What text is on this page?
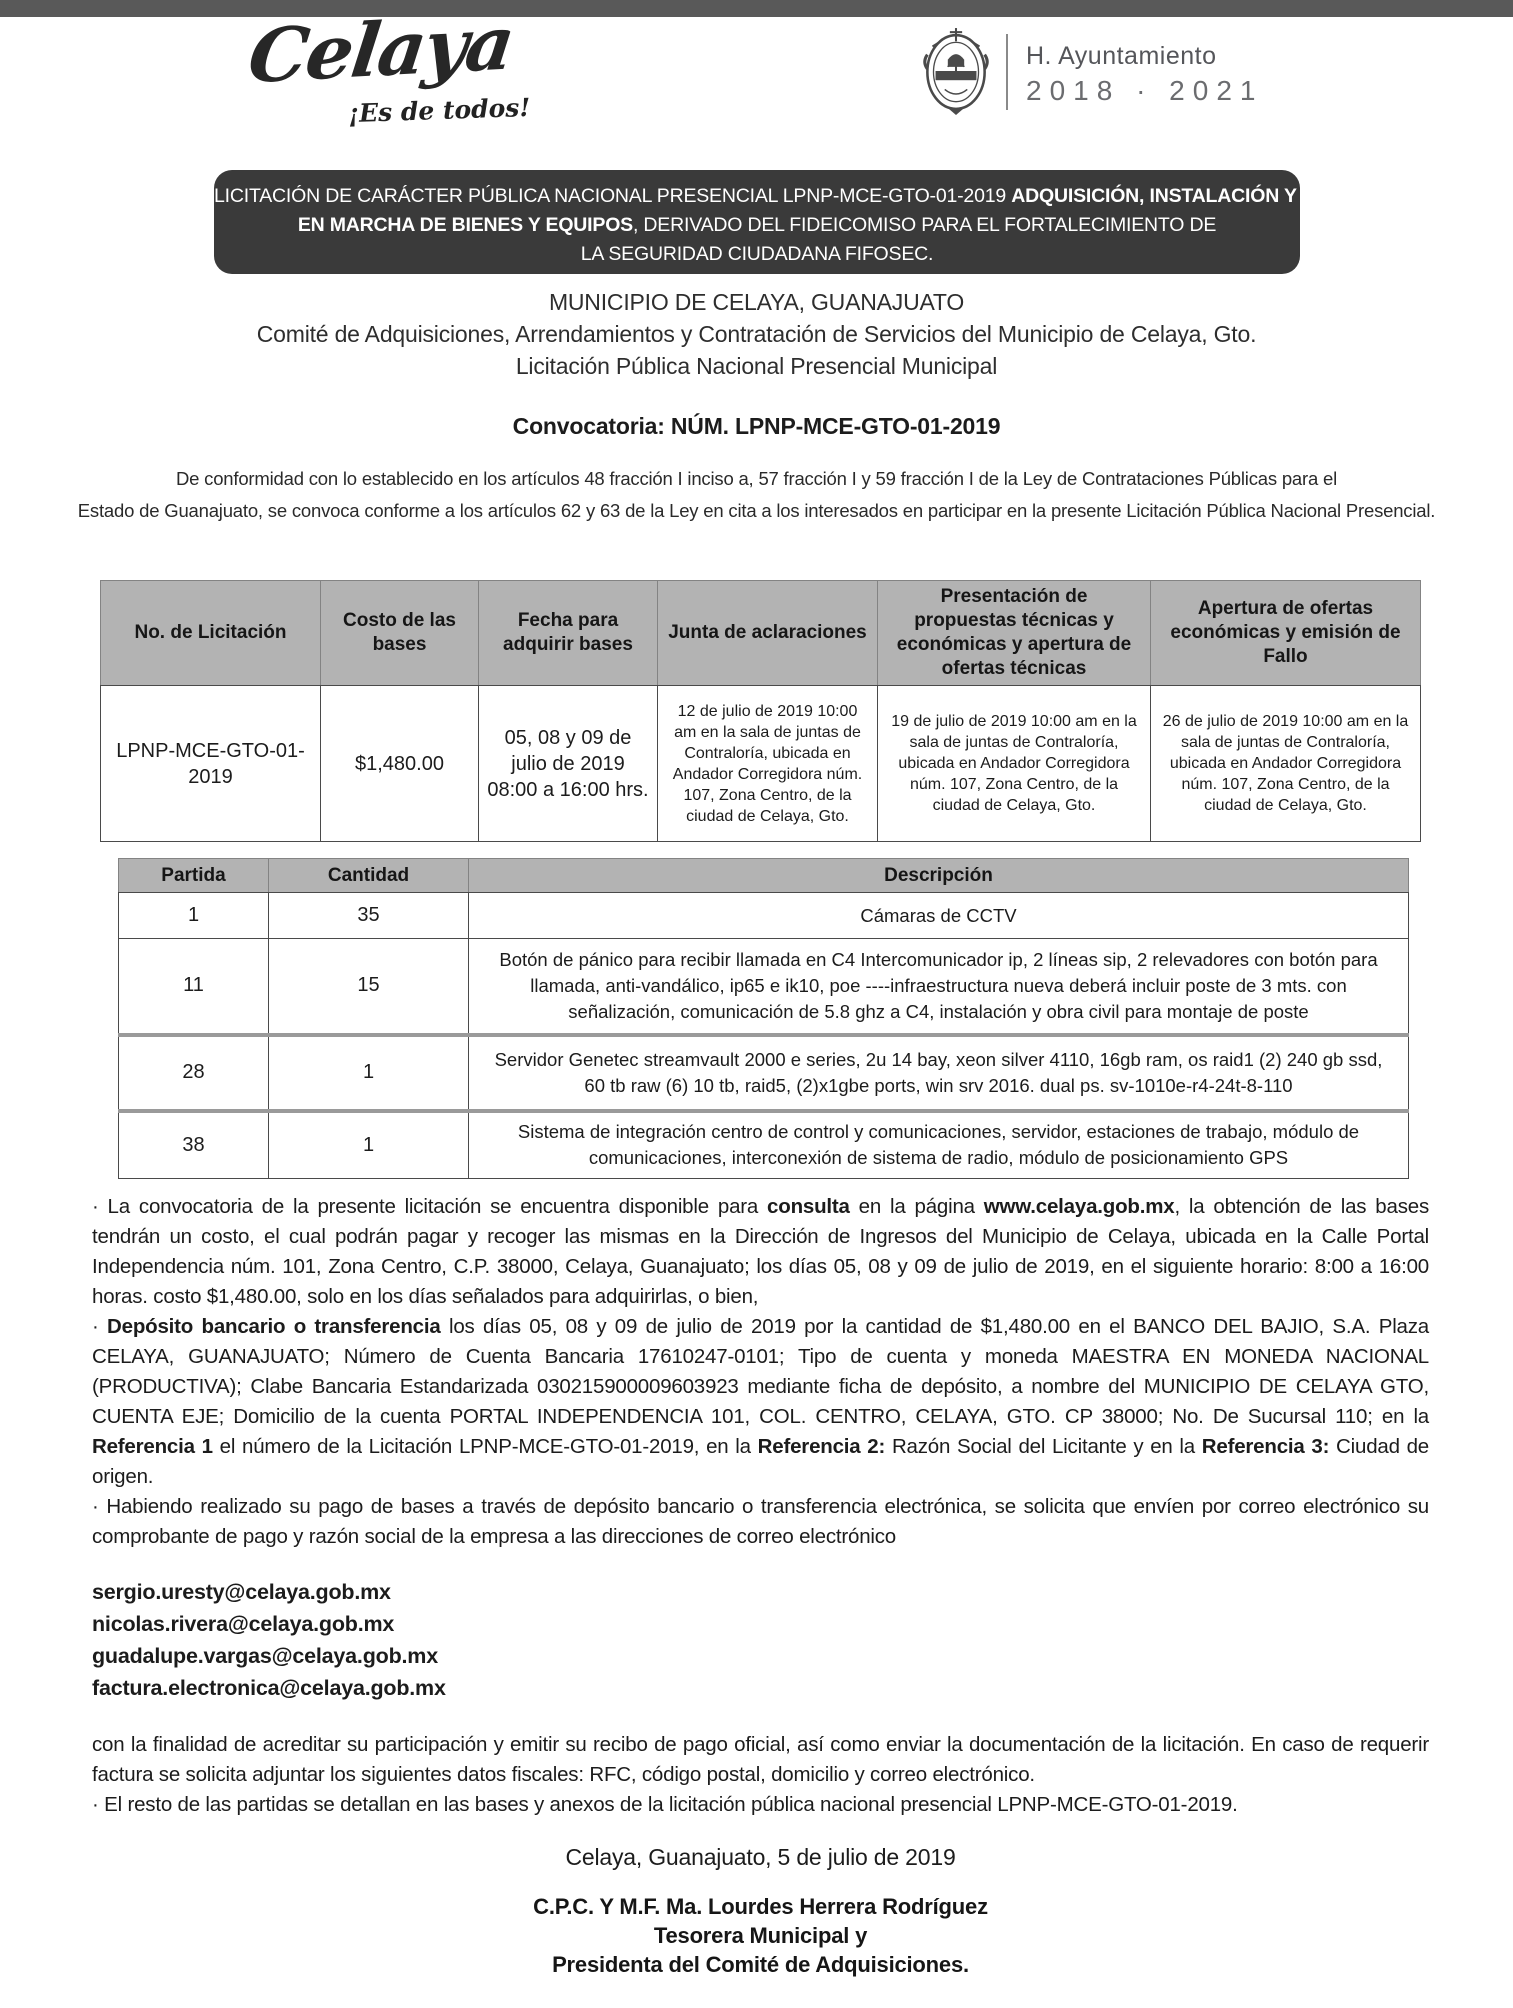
Celaya
¡Es de todos!
H. Ayuntamiento
2018 · 2021
LICITACIÓN DE CARÁCTER PÚBLICA NACIONAL PRESENCIAL LPNP-MCE-GTO-01-2019 ADQUISICIÓN, INSTALACIÓN Y PUESTA
EN MARCHA DE BIENES Y EQUIPOS, DERIVADO DEL FIDEICOMISO PARA EL FORTALECIMIENTO DE
LA SEGURIDAD CIUDADANA FIFOSEC.
MUNICIPIO DE CELAYA, GUANAJUATO
Comité de Adquisiciones, Arrendamientos y Contratación de Servicios del Municipio de Celaya, Gto.
Licitación Pública Nacional Presencial Municipal
Convocatoria: NÚM. LPNP-MCE-GTO-01-2019
De conformidad con lo establecido en los artículos 48 fracción I inciso a, 57 fracción I y 59 fracción I de la Ley de Contrataciones Públicas para el
Estado de Guanajuato, se convoca conforme a los artículos 62 y 63 de la Ley en cita a los interesados en participar en la presente Licitación Pública Nacional Presencial.
No. de Licitación	Costo de las bases	Fecha para adquirir bases	Junta de aclaraciones	Presentación de propuestas técnicas y económicas y apertura de ofertas técnicas	Apertura de ofertas económicas y emisión de Fallo
LPNP-MCE-GTO-01-2019	$1,480.00	05, 08 y 09 de julio de 2019 08:00 a 16:00 hrs.	12 de julio de 2019 10:00 am en la sala de juntas de Contraloría, ubicada en Andador Corregidora núm. 107, Zona Centro, de la ciudad de Celaya, Gto.	19 de julio de 2019 10:00 am en la sala de juntas de Contraloría, ubicada en Andador Corregidora núm. 107, Zona Centro, de la ciudad de Celaya, Gto.	26 de julio de 2019 10:00 am en la sala de juntas de Contraloría, ubicada en Andador Corregidora núm. 107, Zona Centro, de la ciudad de Celaya, Gto.
Partida	Cantidad	Descripción
1	35	Cámaras de CCTV
11	15	Botón de pánico para recibir llamada en C4 Intercomunicador ip, 2 líneas sip, 2 relevadores con botón para llamada, anti-vandálico, ip65 e ik10, poe ----infraestructura nueva deberá incluir poste de 3 mts. con señalización, comunicación de 5.8 ghz a C4, instalación y obra civil para montaje de poste
28	1	Servidor Genetec streamvault 2000 e series, 2u 14 bay, xeon silver 4110, 16gb ram, os raid1 (2) 240 gb ssd, 60 tb raw (6) 10 tb, raid5, (2)x1gbe ports, win srv 2016. dual ps. sv-1010e-r4-24t-8-110
38	1	Sistema de integración centro de control y comunicaciones, servidor, estaciones de trabajo, módulo de comunicaciones, interconexión de sistema de radio, módulo de posicionamiento GPS

· La convocatoria de la presente licitación se encuentra disponible para consulta en la página www.celaya.gob.mx, la obtención de las bases tendrán un costo, el cual podrán pagar y recoger las mismas en la Dirección de Ingresos del Municipio de Celaya, ubicada en la Calle Portal Independencia núm. 101, Zona Centro, C.P. 38000, Celaya, Guanajuato; los días 05, 08 y 09 de julio de 2019, en el siguiente horario: 8:00 a 16:00 horas. costo $1,480.00, solo en los días señalados para adquirirlas, o bien,

· Depósito bancario o transferencia los días 05, 08 y 09 de julio de 2019 por la cantidad de $1,480.00 en el BANCO DEL BAJIO, S.A. Plaza CELAYA, GUANAJUATO; Número de Cuenta Bancaria 17610247-0101; Tipo de cuenta y moneda MAESTRA EN MONEDA NACIONAL (PRODUCTIVA); Clabe Bancaria Estandarizada 030215900009603923 mediante ficha de depósito, a nombre del MUNICIPIO DE CELAYA GTO, CUENTA EJE; Domicilio de la cuenta PORTAL INDEPENDENCIA 101, COL. CENTRO, CELAYA, GTO. CP 38000; No. De Sucursal 110; en la Referencia 1 el número de la Licitación LPNP-MCE-GTO-01-2019, en la Referencia 2: Razón Social del Licitante y en la Referencia 3: Ciudad de origen.

· Habiendo realizado su pago de bases a través de depósito bancario o transferencia electrónica, se solicita que envíen por correo electrónico su comprobante de pago y razón social de la empresa a las direcciones de correo electrónico

sergio.uresty@celaya.gob.mx
nicolas.rivera@celaya.gob.mx
guadalupe.vargas@celaya.gob.mx
factura.electronica@celaya.gob.mx

con la finalidad de acreditar su participación y emitir su recibo de pago oficial, así como enviar la documentación de la licitación. En caso de requerir factura se solicita adjuntar los siguientes datos fiscales: RFC, código postal, domicilio y correo electrónico.

· El resto de las partidas se detallan en las bases y anexos de la licitación pública nacional presencial LPNP-MCE-GTO-01-2019.

Celaya, Guanajuato, 5 de julio de 2019
C.P.C. Y M.F. Ma. Lourdes Herrera Rodríguez
Tesorera Municipal y
Presidenta del Comité de Adquisiciones.
